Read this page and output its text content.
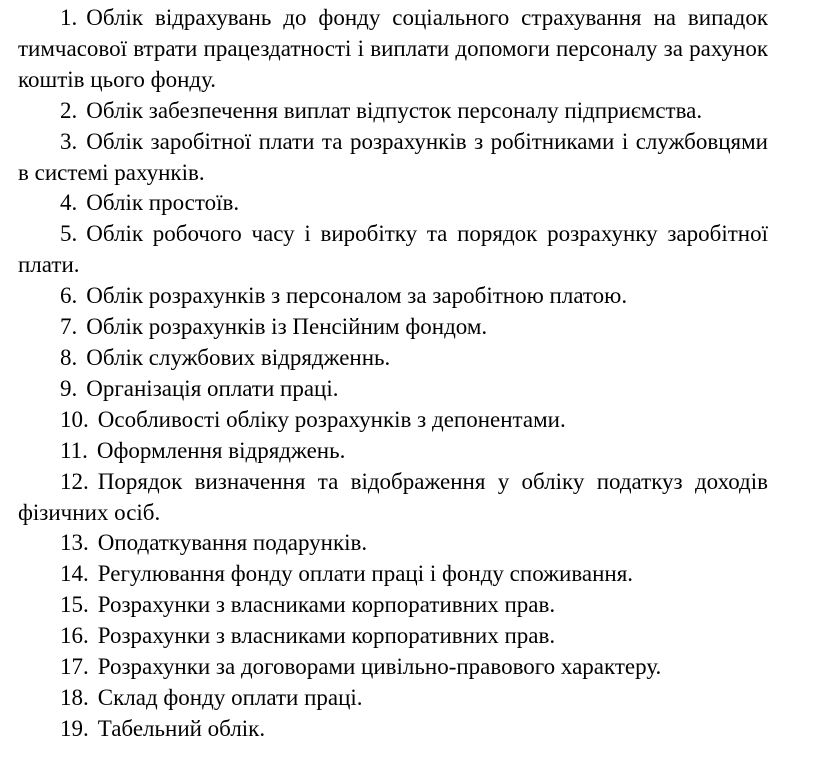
1. Облік відрахувань до фонду соціального страхування на випадок тимчасової втрати працездатності і виплати допомоги персоналу за рахунок коштів цього фонду.
2. Облік забезпечення виплат відпусток персоналу підприємства.
3. Облік заробітної плати та розрахунків з робітниками і службовцями в системі рахунків.
4. Облік простоїв.
5. Облік робочого часу і виробітку та порядок розрахунку заробітної плати.
6. Облік розрахунків з персоналом за заробітною платою.
7. Облік розрахунків із Пенсійним фондом.
8. Облік службових відрядженнь.
9. Організація оплати праці.
10. Особливості обліку розрахунків з депонентами.
11. Оформлення відряджень.
12. Порядок визначення та відображення у обліку податкуз доходів фізичних осіб.
13. Оподаткування подарунків.
14. Регулювання фонду оплати праці і фонду споживання.
15. Розрахунки з власниками корпоративних прав.
16. Розрахунки з власниками корпоративних прав.
17. Розрахунки за договорами цивільно-правового характеру.
18. Склад фонду оплати праці.
19. Табельний облік.
